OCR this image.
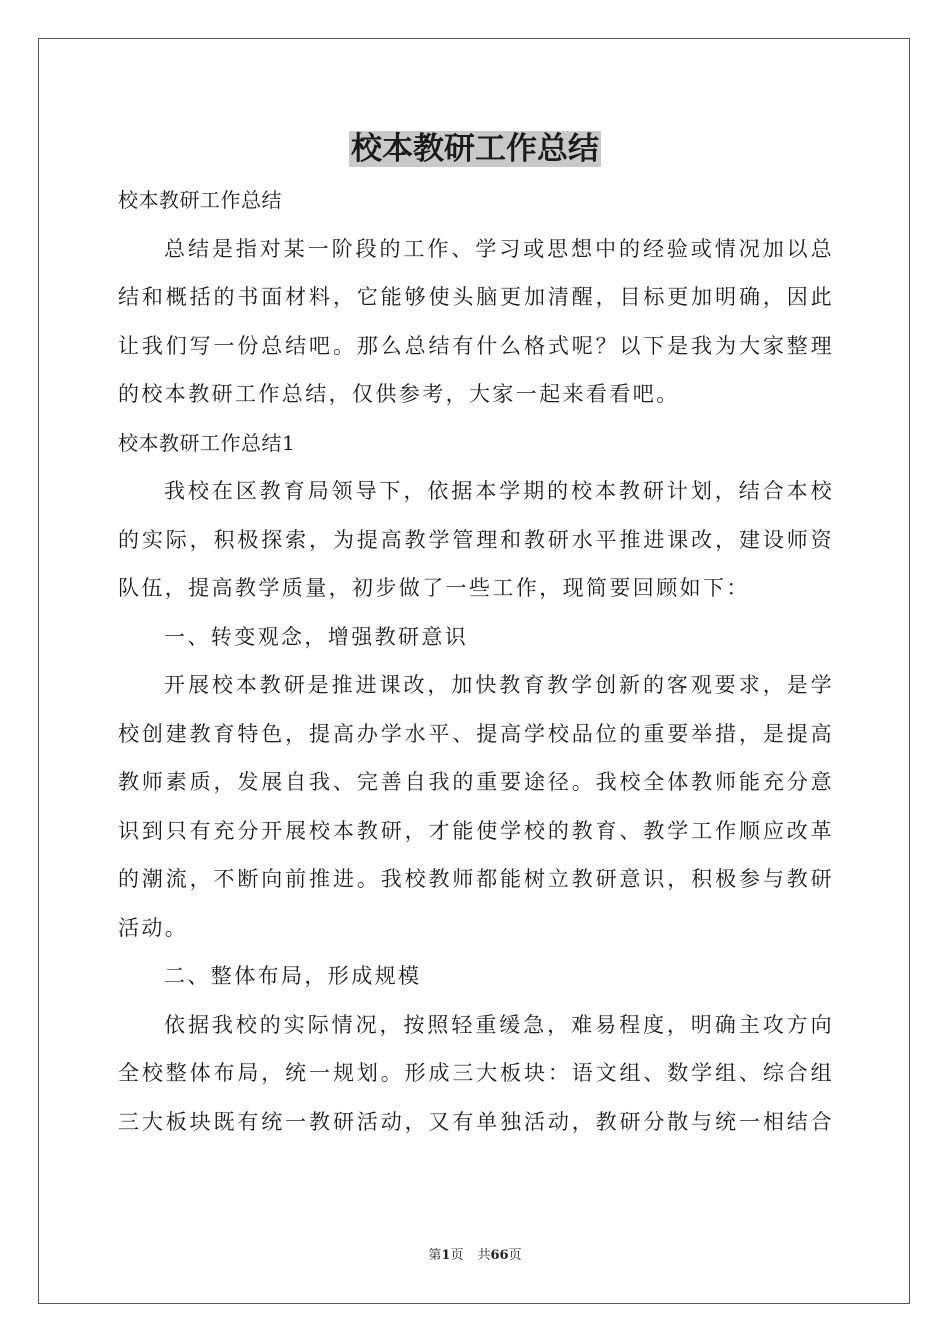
校本教研工作总结

校本教研工作总结

总结是指对某一阶段的工作、学习或思想中的经验或情况加以总

结和概括的书面材料，它能够使头脑更加清醒，目标更加明确，因此

让我们写一份总结吧。那么总结有什么格式呢？以下是我为大家整理

的校本教研工作总结，仅供参考，大家一起来看看吧。

校本教研工作总结1

我校在区教育局领导下，依据本学期的校本教研计划，结合本校

的实际，积极探索，为提高教学管理和教研水平推进课改，建设师资

队伍，提高教学质量，初步做了一些工作，现简要回顾如下：

一、转变观念，增强教研意识

开展校本教研是推进课改，加快教育教学创新的客观要求，是学

校创建教育特色，提高办学水平、提高学校品位的重要举措，是提高

教师素质，发展自我、完善自我的重要途径。我校全体教师能充分意

识到只有充分开展校本教研，才能使学校的教育、教学工作顺应改革

的潮流，不断向前推进。我校教师都能树立教研意识，积极参与教研

活动。

二、整体布局，形成规模

依据我校的实际情况，按照轻重缓急，难易程度，明确主攻方向

全校整体布局，统一规划。形成三大板块：语文组、数学组、综合组

三大板块既有统一教研活动，又有单独活动，教研分散与统一相结合

第1页 共66页
